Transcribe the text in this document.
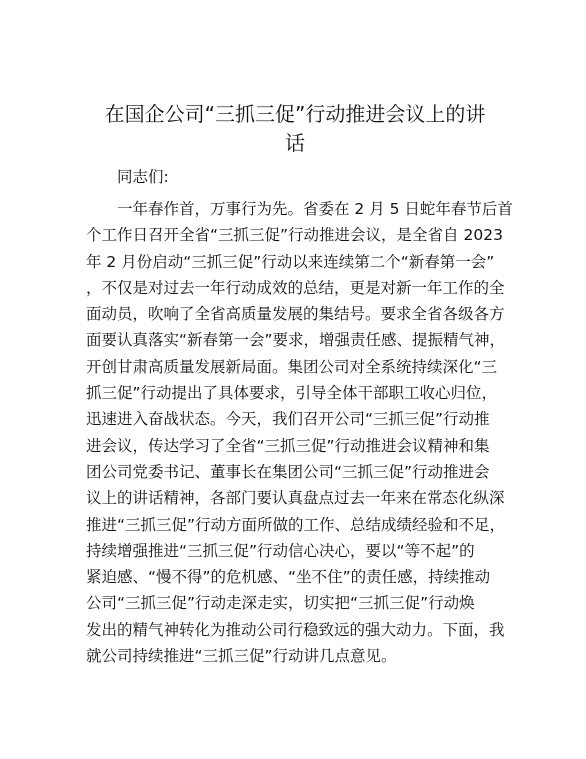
在国企公司“三抓三促”行动推进会议上的讲
话

同志们:

一年春作首，万事行为先。省委在 2 月 5 日蛇年春节后首
个工作日召开全省“三抓三促”行动推进会议，是全省自 2023
年 2 月份启动“三抓三促”行动以来连续第二个“新春第一会”
，不仅是对过去一年行动成效的总结，更是对新一年工作的全
面动员，吹响了全省高质量发展的集结号。要求全省各级各方
面要认真落实“新春第一会”要求，增强责任感、提振精气神，
开创甘肃高质量发展新局面。集团公司对全系统持续深化“三
抓三促”行动提出了具体要求，引导全体干部职工收心归位，
迅速进入奋战状态。今天，我们召开公司“三抓三促”行动推
进会议，传达学习了全省“三抓三促”行动推进会议精神和集
团公司党委书记、董事长在集团公司“三抓三促”行动推进会
议上的讲话精神，各部门要认真盘点过去一年来在常态化纵深
推进“三抓三促”行动方面所做的工作、总结成绩经验和不足，
持续增强推进“三抓三促”行动信心决心，要以“等不起”的
紧迫感、“慢不得”的危机感、“坐不住”的责任感，持续推动
公司“三抓三促”行动走深走实，切实把“三抓三促”行动焕
发出的精气神转化为推动公司行稳致远的强大动力。下面，我
就公司持续推进“三抓三促”行动讲几点意见。
